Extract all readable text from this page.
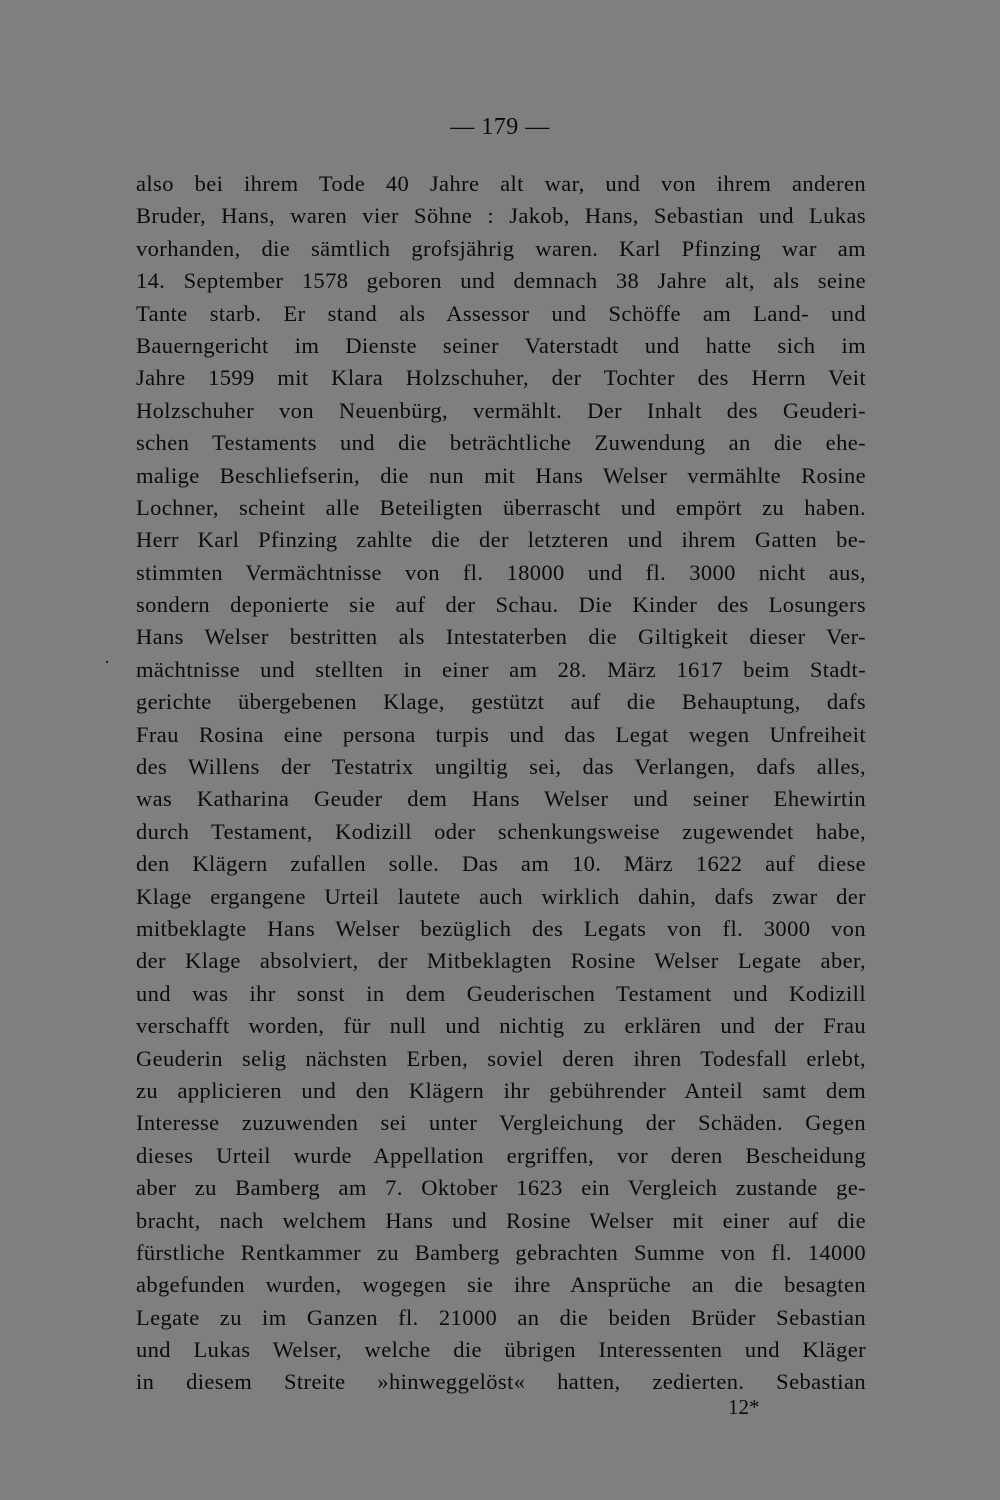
— 179 —
·
also bei ihrem Tode 40 Jahre alt war, und von ihrem anderen
Bruder, Hans, waren vier Söhne : Jakob, Hans, Sebastian und Lukas
vorhanden, die sämtlich grofsjährig waren. Karl Pfinzing war am
14. September 1578 geboren und demnach 38 Jahre alt, als seine
Tante starb. Er stand als Assessor und Schöffe am Land- und
Bauerngericht im Dienste seiner Vaterstadt und hatte sich im
Jahre 1599 mit Klara Holzschuher, der Tochter des Herrn Veit
Holzschuher von Neuenbürg, vermählt. Der Inhalt des Geuderi-
schen Testaments und die beträchtliche Zuwendung an die ehe-
malige Beschliefserin, die nun mit Hans Welser vermählte Rosine
Lochner, scheint alle Beteiligten überrascht und empört zu haben.
Herr Karl Pfinzing zahlte die der letzteren und ihrem Gatten be-
stimmten Vermächtnisse von fl. 18000 und fl. 3000 nicht aus,
sondern deponierte sie auf der Schau. Die Kinder des Losungers
Hans Welser bestritten als Intestaterben die Giltigkeit dieser Ver-
mächtnisse und stellten in einer am 28. März 1617 beim Stadt-
gerichte übergebenen Klage, gestützt auf die Behauptung, dafs
Frau Rosina eine persona turpis und das Legat wegen Unfreiheit
des Willens der Testatrix ungiltig sei, das Verlangen, dafs alles,
was Katharina Geuder dem Hans Welser und seiner Ehewirtin
durch Testament, Kodizill oder schenkungsweise zugewendet habe,
den Klägern zufallen solle. Das am 10. März 1622 auf diese
Klage ergangene Urteil lautete auch wirklich dahin, dafs zwar der
mitbeklagte Hans Welser bezüglich des Legats von fl. 3000 von
der Klage absolviert, der Mitbeklagten Rosine Welser Legate aber,
und was ihr sonst in dem Geuderischen Testament und Kodizill
verschafft worden, für null und nichtig zu erklären und der Frau
Geuderin selig nächsten Erben, soviel deren ihren Todesfall erlebt,
zu applicieren und den Klägern ihr gebührender Anteil samt dem
Interesse zuzuwenden sei unter Vergleichung der Schäden. Gegen
dieses Urteil wurde Appellation ergriffen, vor deren Bescheidung
aber zu Bamberg am 7. Oktober 1623 ein Vergleich zustande ge-
bracht, nach welchem Hans und Rosine Welser mit einer auf die
fürstliche Rentkammer zu Bamberg gebrachten Summe von fl. 14000
abgefunden wurden, wogegen sie ihre Ansprüche an die besagten
Legate zu im Ganzen fl. 21000 an die beiden Brüder Sebastian
und Lukas Welser, welche die übrigen Interessenten und Kläger
in diesem Streite »hinweggelöst« hatten, zedierten. Sebastian
12*
